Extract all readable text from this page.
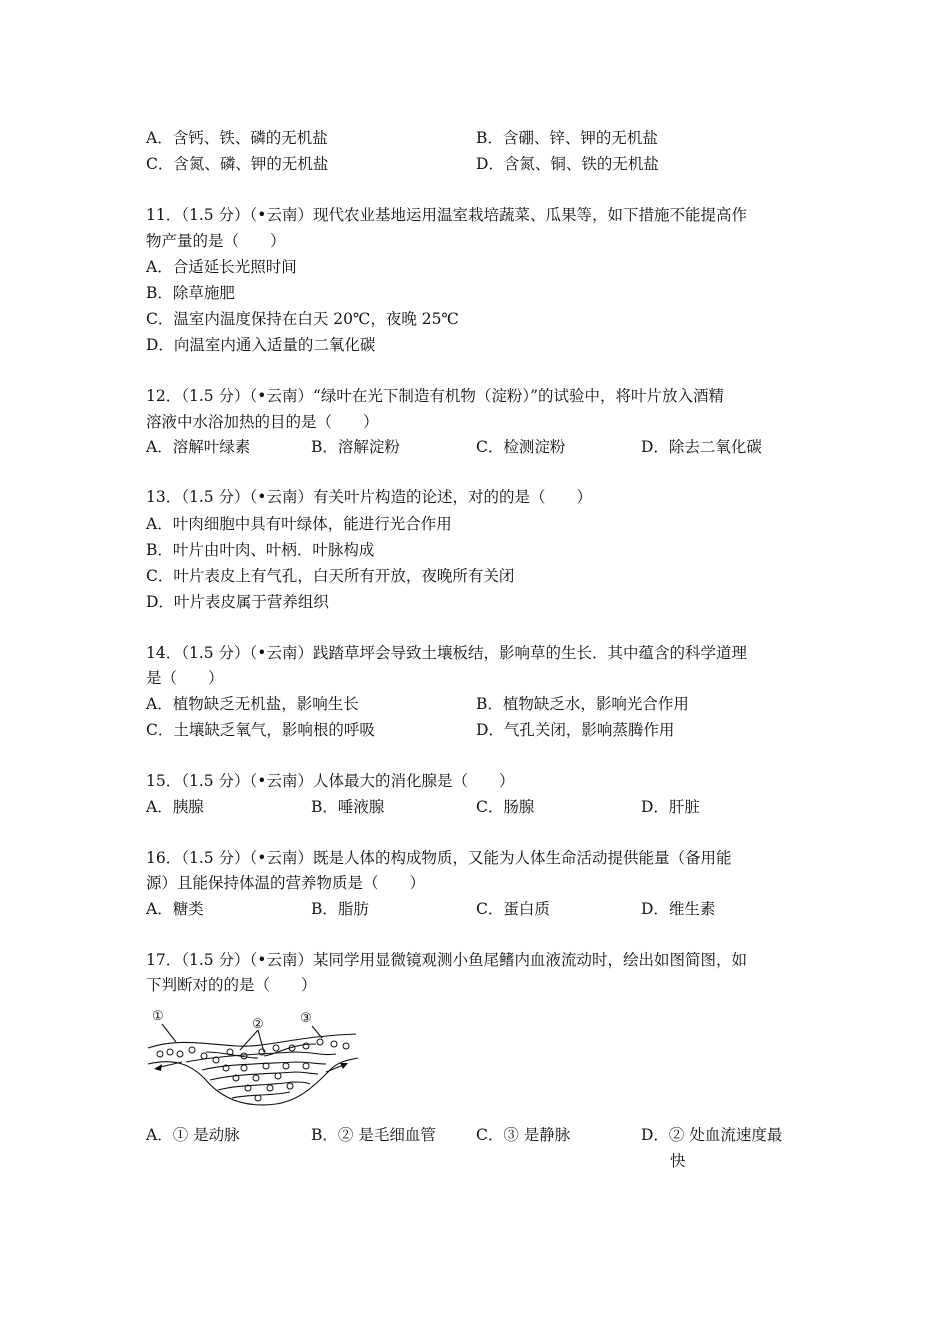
A．含钙、铁、磷的无机盐	B．含硼、锌、钾的无机盐
C．含氮、磷、钾的无机盐	D．含氮、铜、铁的无机盐
11．（1.5 分）（•云南）现代农业基地运用温室栽培蔬菜、瓜果等，如下措施不能提高作
物产量的是（　　）
A．合适延长光照时间
B．除草施肥
C．温室内温度保持在白天 20℃，夜晚 25℃
D．向温室内通入适量的二氧化碳
12．（1.5 分）（•云南）“绿叶在光下制造有机物（淀粉）”的试验中，将叶片放入酒精
溶液中水浴加热的目的是（　　）
A．溶解叶绿素	B．溶解淀粉	C．检测淀粉	D．除去二氧化碳
13．（1.5 分）（•云南）有关叶片构造的论述，对的的是（　　）
A．叶肉细胞中具有叶绿体，能进行光合作用
B．叶片由叶肉、叶柄．叶脉构成
C．叶片表皮上有气孔，白天所有开放，夜晚所有关闭
D．叶片表皮属于营养组织
14．（1.5 分）（•云南）践踏草坪会导致土壤板结，影响草的生长．其中蕴含的科学道理
是（　　）
A．植物缺乏无机盐，影响生长	B．植物缺乏水，影响光合作用
C．土壤缺乏氧气，影响根的呼吸	D．气孔关闭，影响蒸腾作用
15．（1.5 分）（•云南）人体最大的消化腺是（　　）
A．胰腺	B．唾液腺	C．肠腺	D．肝脏
16．（1.5 分）（•云南）既是人体的构成物质，又能为人体生命活动提供能量（备用能
源）且能保持体温的营养物质是（　　）
A．糖类	B．脂肪	C．蛋白质	D．维生素
17．（1.5 分）（•云南）某同学用显微镜观测小鱼尾鳍内血液流动时，绘出如图简图，如
下判断对的的是（　　）
①
②	③
A．① 是动脉	B．② 是毛细血管	C．③ 是静脉	D．② 处血流速度最
快
